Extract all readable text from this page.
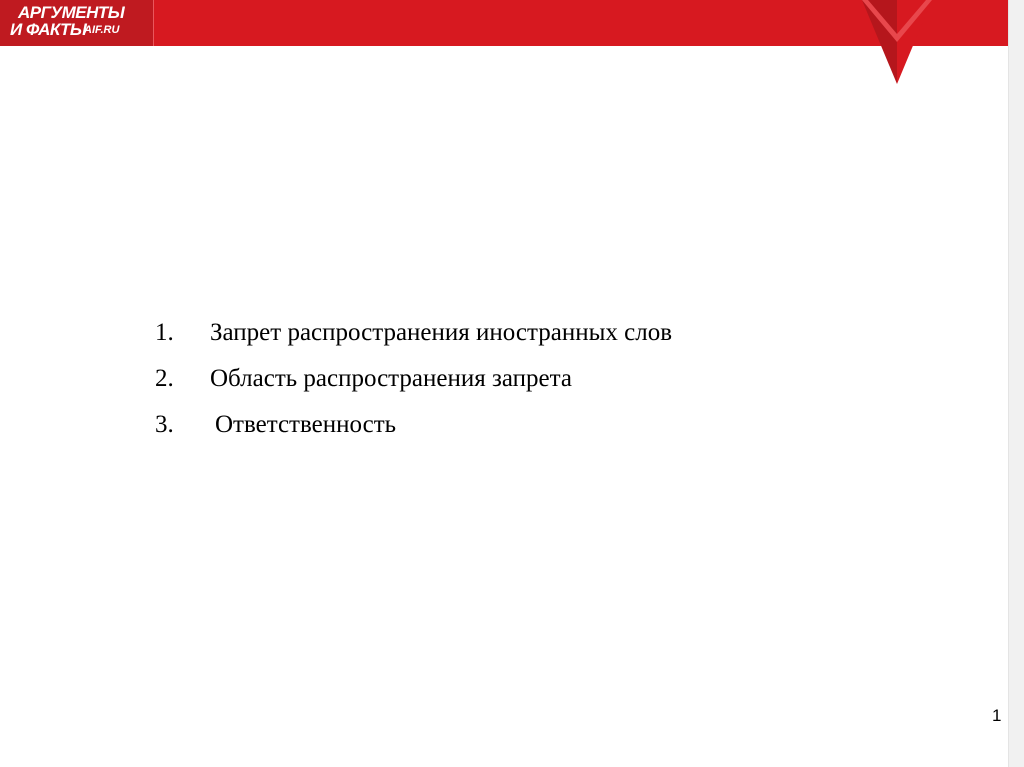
АРГУМЕНТЫ
И ФАКТЫ
AIF.RU
1. Запрет распространения иностранных слов
2. Область распространения запрета
3. Ответственность
1
